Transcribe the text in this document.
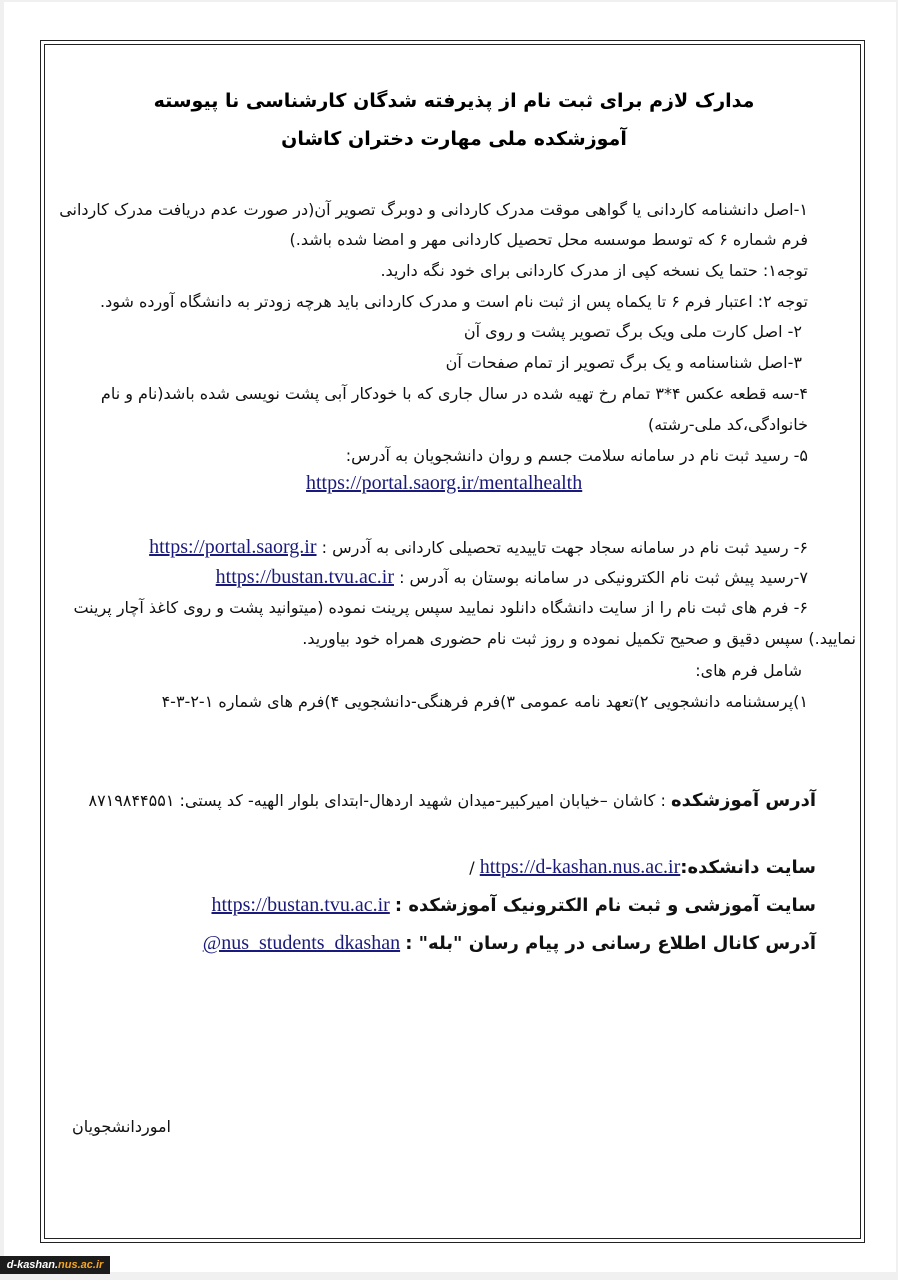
مدارک لازم برای ثبت نام از پذیرفته شدگان کارشناسی نا پیوسته
آموزشکده ملی مهارت دختران کاشان
۱-اصل دانشنامه کاردانی یا گواهی موقت مدرک کاردانی و دوبرگ تصویر آن(در صورت عدم دریافت مدرک کاردانی
فرم شماره ۶ که توسط موسسه محل تحصیل کاردانی مهر و امضا شده باشد.)
توجه۱: حتما یک نسخه کپی از مدرک کاردانی برای خود نگه دارید.
توجه ۲: اعتبار فرم ۶ تا یکماه پس از ثبت نام است و مدرک کاردانی باید هرچه زودتر به دانشگاه آورده شود.
۲- اصل کارت ملی ویک برگ تصویر پشت و روی آن
۳-اصل شناسنامه و یک برگ تصویر از تمام صفحات آن
۴-سه قطعه عکس ۴*۳ تمام رخ تهیه شده در سال جاری که با خودکار آبی پشت نویسی شده باشد(نام و نام
خانوادگی،کد ملی-رشته)
۵- رسید ثبت نام در سامانه سلامت جسم و روان دانشجویان به آدرس:
https://portal.saorg.ir/mentalhealth
۶- رسید ثبت نام در سامانه سجاد جهت تاییدیه تحصیلی کاردانی به آدرس : https://portal.saorg.ir
۷-رسید پیش ثبت نام الکترونیکی در سامانه بوستان به آدرس : https://bustan.tvu.ac.ir
۶- فرم های ثبت نام را از سایت دانشگاه دانلود نمایید سپس پرینت نموده (میتوانید پشت و روی کاغذ آچار پرینت
نمایید.) سپس دقیق و صحیح تکمیل نموده و روز ثبت نام حضوری همراه خود بیاورید.
شامل فرم های:
۱)پرسشنامه دانشجویی ۲)تعهد نامه عمومی ۳)فرم فرهنگی-دانشجویی ۴)فرم های شماره ۱-۲-۳-۴
آدرس آموزشکده : کاشان –خیابان امیرکبیر-میدان شهید اردهال-ابتدای بلوار الهیه- کد پستی: ۸۷۱۹۸۴۴۵۵۱
سایت دانشکده:https://d-kashan.nus.ac.ir /
سایت آموزشی و ثبت نام الکترونیک آموزشکده : https://bustan.tvu.ac.ir
آدرس کانال اطلاع رسانی در پیام رسان "بله" : @nus_students_dkashan
امورد‌انشجویان
d-kashan.nus.ac.ir
